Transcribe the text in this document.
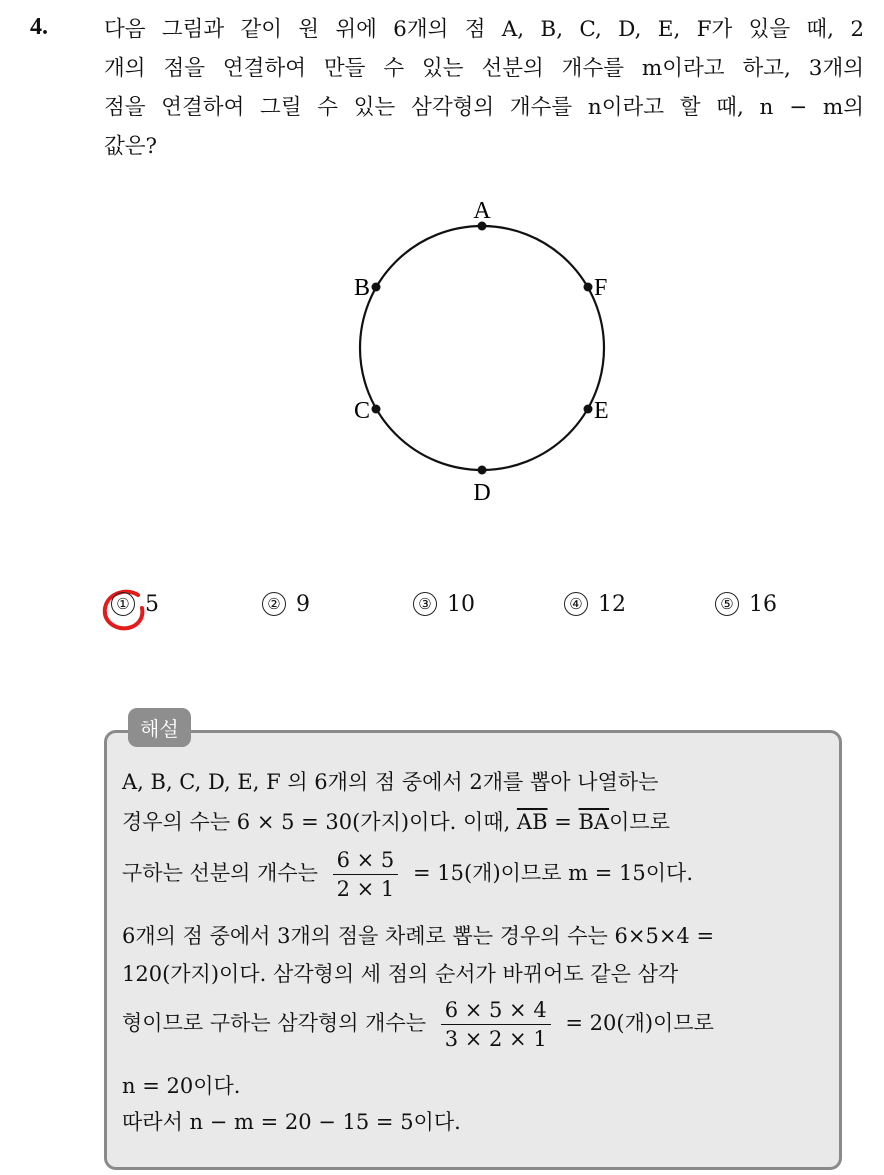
4.	다음 그림과 같이 원 위에 6개의 점 A, B, C, D, E, F가 있을 때, 2
개의 점을 연결하여 만들 수 있는 선분의 개수를 m이라고 하고, 3개의
점을 연결하여 그릴 수 있는 삼각형의 개수를 n이라고 할 때, n − m의
값은?
A
B
C
D
E
F
① 5	② 9	③ 10	④ 12	⑤ 16
해설
A, B, C, D, E, F 의 6개의 점 중에서 2개를 뽑아 나열하는
경우의 수는 6 × 5 = 30(가지)이다. 이때, $\overline{AB} = \overline{BA}$이므로
구하는 선분의 개수는 $\frac{6 \times 5}{2 \times 1} = 15$(개)이므로 m = 15이다.
6개의 점 중에서 3개의 점을 차례로 뽑는 경우의 수는 6×5×4 =
120(가지)이다. 삼각형의 세 점의 순서가 바뀌어도 같은 삼각
형이므로 구하는 삼각형의 개수는 $\frac{6 \times 5 \times 4}{3 \times 2 \times 1} = 20$(개)이므로
n = 20이다.
따라서 n − m = 20 − 15 = 5이다.
